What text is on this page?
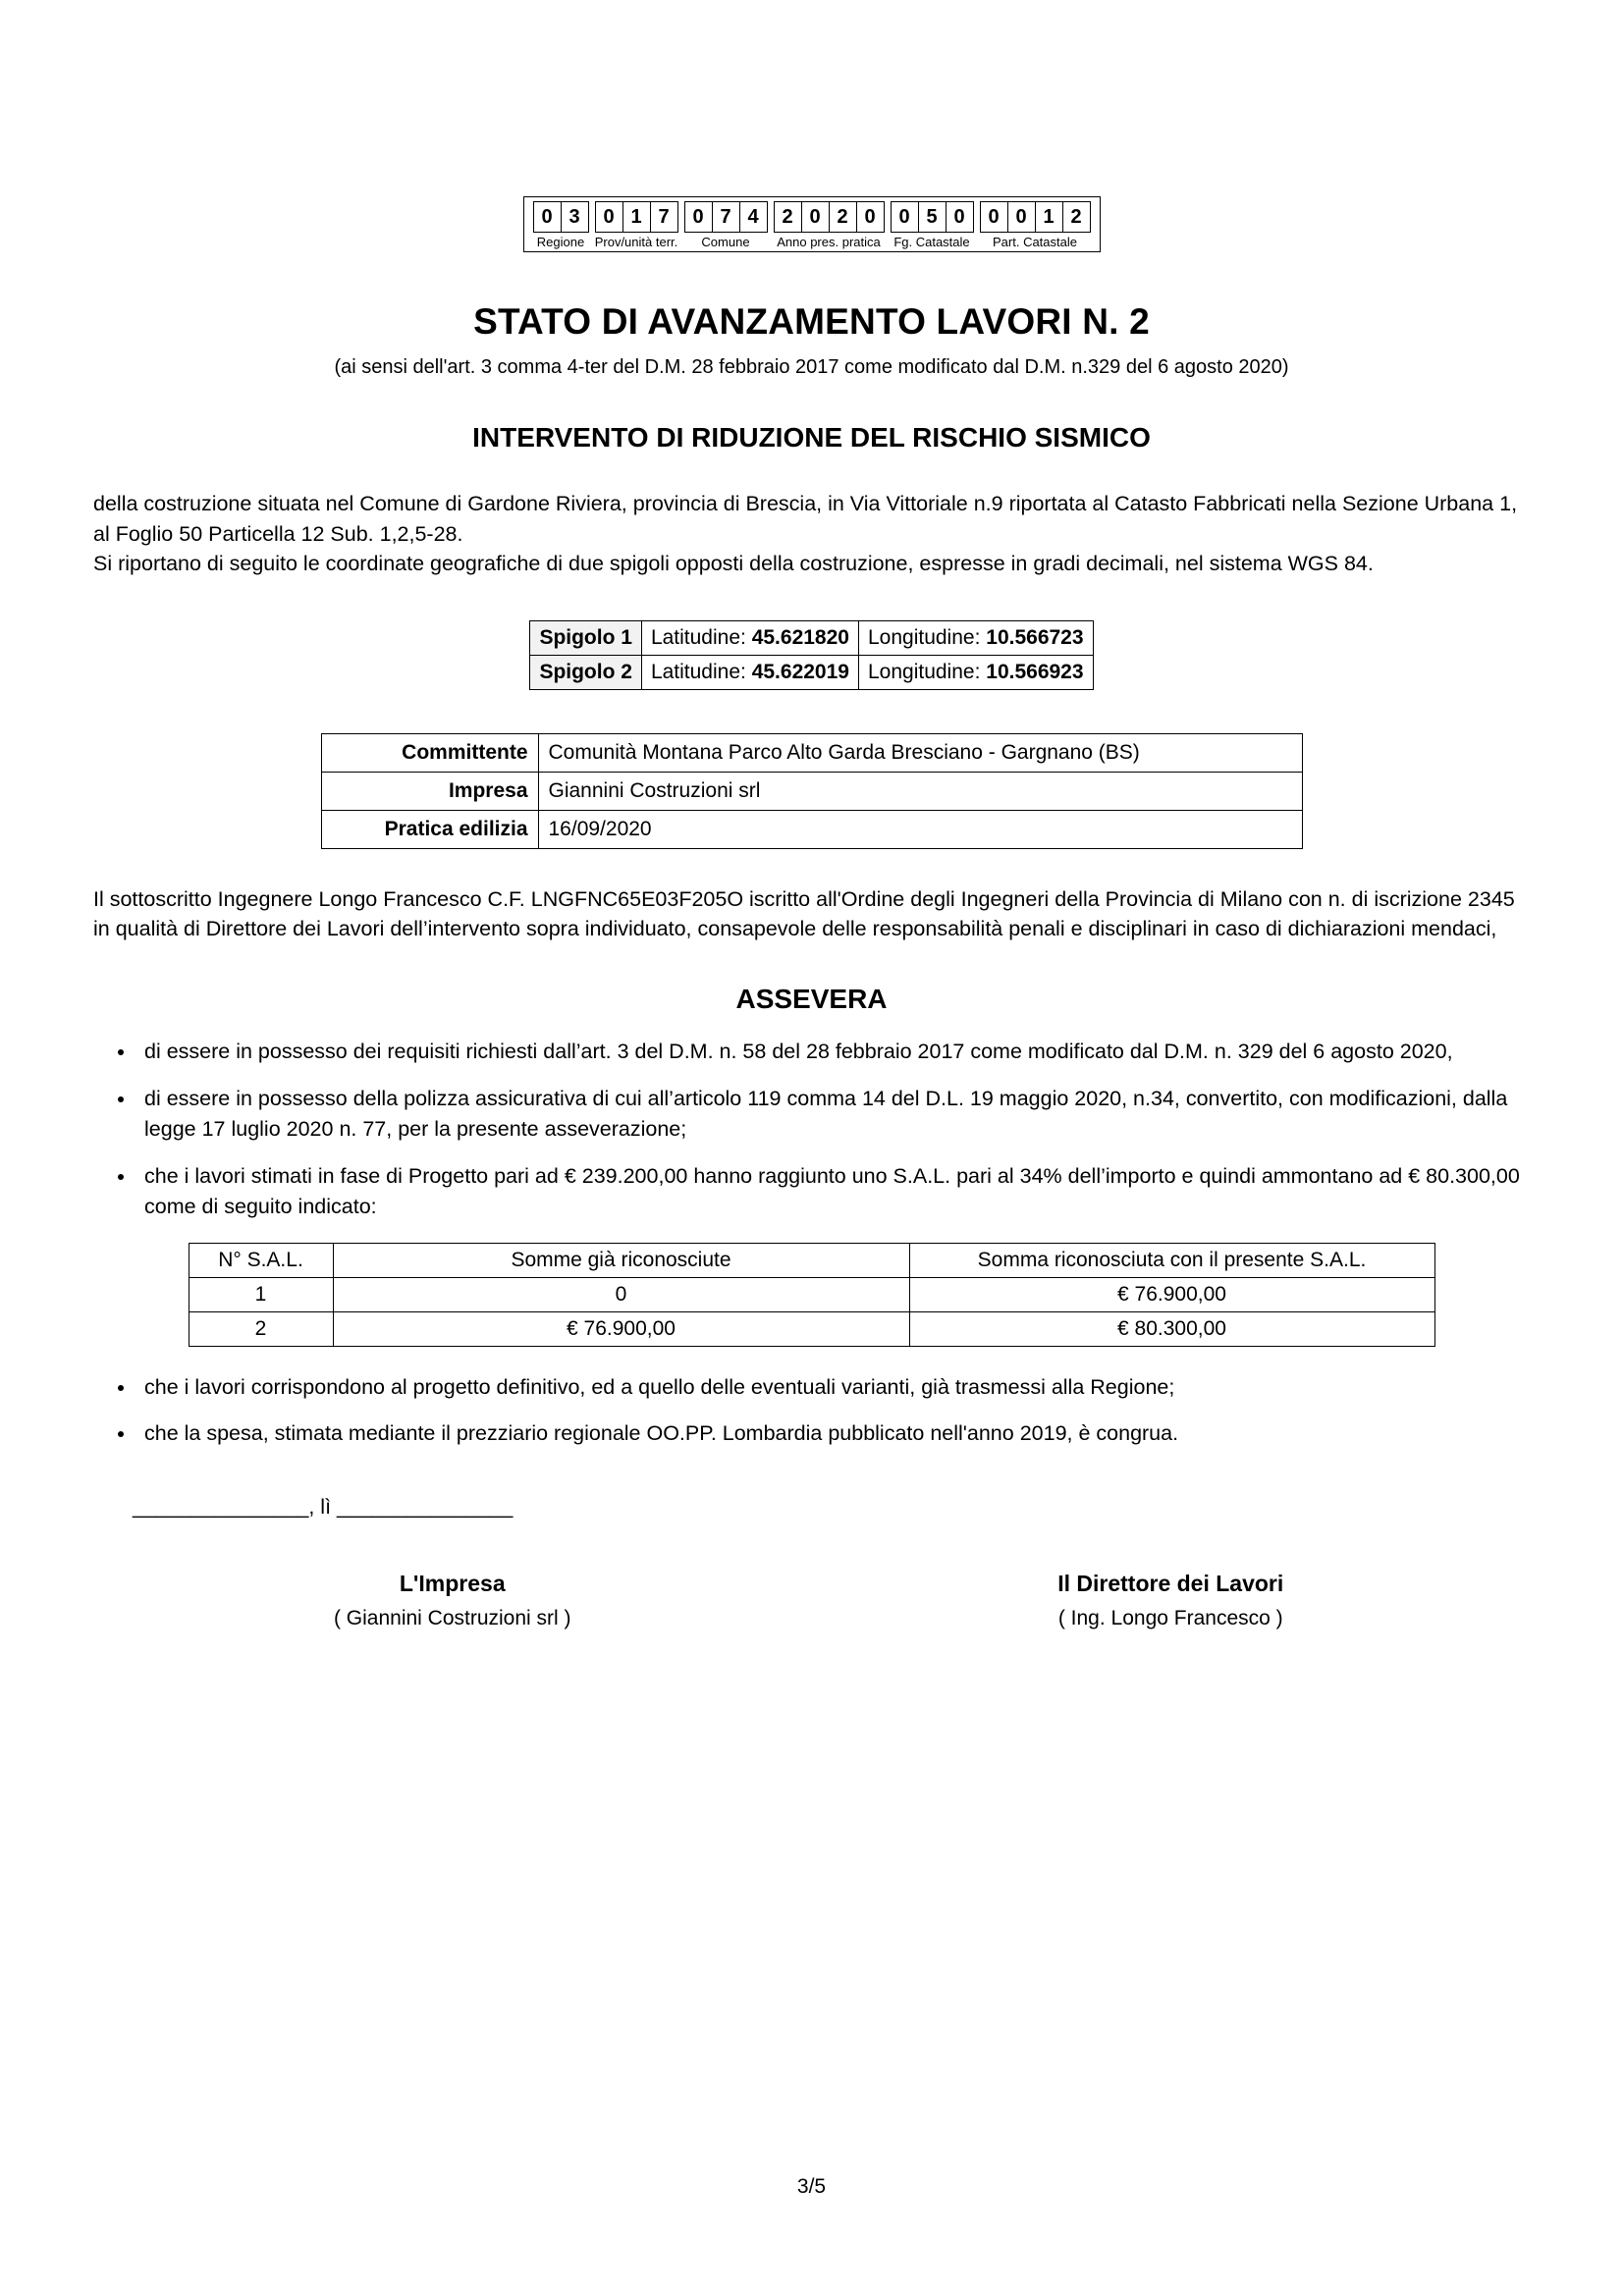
0 3
Regione
0 1 7
Prov/unità terr.
0 7 4
Comune
2 0 2 0
Anno pres. pratica
0 5 0
Fg. Catastale
0 0 1 2
Part. Catastale
STATO DI AVANZAMENTO LAVORI N. 2
(ai sensi dell'art. 3 comma 4-ter del D.M. 28 febbraio 2017 come modificato dal D.M. n.329 del 6 agosto 2020)
INTERVENTO DI RIDUZIONE DEL RISCHIO SISMICO

della costruzione situata nel Comune di Gardone Riviera, provincia di Brescia, in Via Vittoriale n.9 riportata al Catasto Fabbricati nella Sezione Urbana 1, al Foglio 50 Particella 12 Sub. 1,2,5-28.

Si riportano di seguito le coordinate geografiche di due spigoli opposti della costruzione, espresse in gradi decimali, nel sistema WGS 84.

Spigolo 1	Latitudine: 45.621820	Longitudine: 10.566723
Spigolo 2	Latitudine: 45.622019	Longitudine: 10.566923
Committente	Comunità Montana Parco Alto Garda Bresciano - Gargnano (BS)
Impresa	Giannini Costruzioni srl
Pratica edilizia	16/09/2020

Il sottoscritto Ingegnere Longo Francesco C.F. LNGFNC65E03F205O iscritto all'Ordine degli Ingegneri della Provincia di Milano con n. di iscrizione 2345 in qualità di Direttore dei Lavori dell’intervento sopra individuato, consapevole delle responsabilità penali e disciplinari in caso di dichiarazioni mendaci,

ASSEVERA
• di essere in possesso dei requisiti richiesti dall’art. 3 del D.M. n. 58 del 28 febbraio 2017 come modificato dal D.M. n. 329 del 6 agosto 2020,
• di essere in possesso della polizza assicurativa di cui all’articolo 119 comma 14 del D.L. 19 maggio 2020, n.34, convertito, con modificazioni, dalla legge 17 luglio 2020 n. 77, per la presente asseverazione;
• che i lavori stimati in fase di Progetto pari ad € 239.200,00 hanno raggiunto uno S.A.L. pari al 34% dell’importo e quindi ammontano ad € 80.300,00 come di seguito indicato:
N° S.A.L.	Somme già riconosciute	Somma riconosciuta con il presente S.A.L.
1	0	€ 76.900,00
2	€ 76.900,00	€ 80.300,00
• che i lavori corrispondono al progetto definitivo, ed a quello delle eventuali varianti, già trasmessi alla Regione;
• che la spesa, stimata mediante il prezziario regionale OO.PP. Lombardia pubblicato nell'anno 2019, è congrua.
_______________, lì _______________
L'Impresa
( Giannini Costruzioni srl )
Il Direttore dei Lavori
( Ing. Longo Francesco )
3/5
